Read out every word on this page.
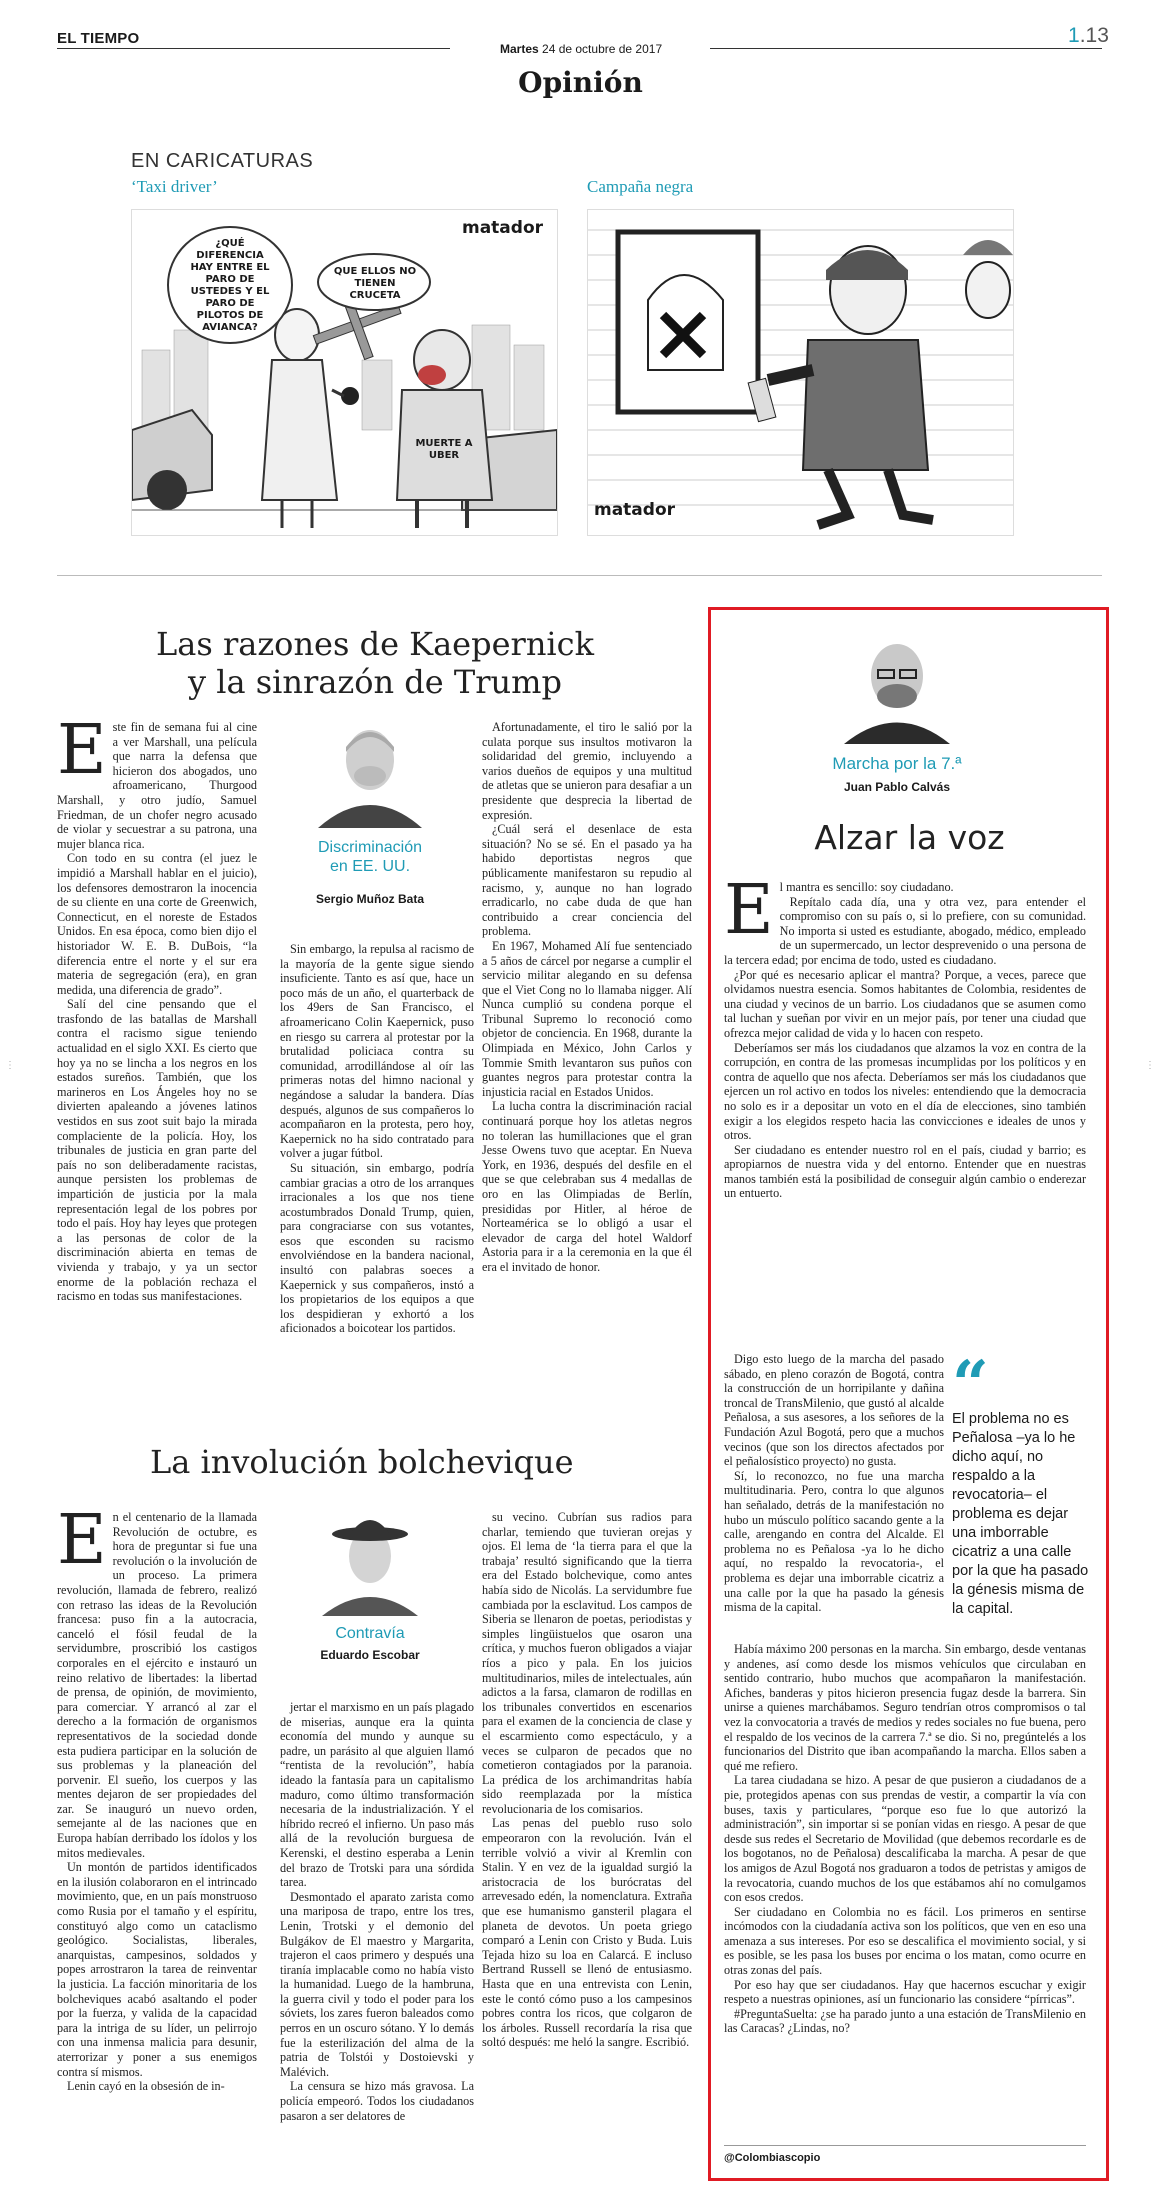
EL TIEMPO
Martes 24 de octubre de 2017
1.13
Opinión
EN CARICATURAS
‘Taxi driver’	Campaña negra
¿QUÉ DIFERENCIA HAY ENTRE EL PARO DE USTEDES Y EL PARO DE PILOTOS DE AVIANCA?
QUE ELLOS NO TIENEN CRUCETA
MUERTE A UBER
matador
matador
⋮	⋮
Las razones de Kaepernick
y la sinrazón de Trump
Este fin de semana fui al cine a ver Marshall, una película que narra la defensa que hicieron dos abogados, uno afroamericano, Thurgood Marshall, y otro judío, Samuel Friedman, de un chofer negro acusado de violar y secuestrar a su patrona, una mujer blanca rica.

Con todo en su contra (el juez le impidió a Marshall hablar en el juicio), los defensores demostraron la inocencia de su cliente en una corte de Greenwich, Connecticut, en el noreste de Estados Unidos. En esa época, como bien dijo el historiador W. E. B. DuBois, “la diferencia entre el norte y el sur era materia de segregación (era), en gran medida, una diferencia de grado”.

Salí del cine pensando que el trasfondo de las batallas de Marshall contra el racismo sigue teniendo actualidad en el siglo XXI. Es cierto que hoy ya no se lincha a los negros en los estados sureños. También, que los marineros en Los Ángeles hoy no se divierten apaleando a jóvenes latinos vestidos en sus zoot suit bajo la mirada complaciente de la policía. Hoy, los tribunales de justicia en gran parte del país no son deliberadamente racistas, aunque persisten los problemas de impartición de justicia por la mala representación legal de los pobres por todo el país. Hoy hay leyes que protegen a las personas de color de la discriminación abierta en temas de vivienda y trabajo, y ya un sector enorme de la población rechaza el racismo en todas sus manifestaciones.

Discriminación
en EE. UU.
Sergio Muñoz Bata

Sin embargo, la repulsa al racismo de la mayoría de la gente sigue siendo insuficiente. Tanto es así que, hace un poco más de un año, el quarterback de los 49ers de San Francisco, el afroamericano Colin Kaepernick, puso en riesgo su carrera al protestar por la brutalidad policiaca contra su comunidad, arrodillándose al oír las primeras notas del himno nacional y negándose a saludar la bandera. Días después, algunos de sus compañeros lo acompañaron en la protesta, pero hoy, Kaepernick no ha sido contratado para volver a jugar fútbol.

Su situación, sin embargo, podría cambiar gracias a otro de los arranques irracionales a los que nos tiene acostumbrados Donald Trump, quien, para congraciarse con sus votantes, esos que esconden su racismo envolviéndose en la bandera nacional, insultó con palabras soeces a Kaepernick y sus compañeros, instó a los propietarios de los equipos a que los despidieran y exhortó a los aficionados a boicotear los partidos.

Afortunadamente, el tiro le salió por la culata porque sus insultos motivaron la solidaridad del gremio, incluyendo a varios dueños de equipos y una multitud de atletas que se unieron para desafiar a un presidente que desprecia la libertad de expresión.

¿Cuál será el desenlace de esta situación? No se sé. En el pasado ya ha habido deportistas negros que públicamente manifestaron su repudio al racismo, y, aunque no han logrado erradicarlo, no cabe duda de que han contribuido a crear conciencia del problema.

En 1967, Mohamed Alí fue sentenciado a 5 años de cárcel por negarse a cumplir el servicio militar alegando en su defensa que el Viet Cong no lo llamaba nigger. Alí Nunca cumplió su condena porque el Tribunal Supremo lo reconoció como objetor de conciencia. En 1968, durante la Olimpiada en México, John Carlos y Tommie Smith levantaron sus puños con guantes negros para protestar contra la injusticia racial en Estados Unidos.

La lucha contra la discriminación racial continuará porque hoy los atletas negros no toleran las humillaciones que el gran Jesse Owens tuvo que aceptar. En Nueva York, en 1936, después del desfile en el que se que celebraban sus 4 medallas de oro en las Olimpiadas de Berlín, presididas por Hitler, al héroe de Norteamérica se lo obligó a usar el elevador de carga del hotel Waldorf Astoria para ir a la ceremonia en la que él era el invitado de honor.

La involución bolchevique
En el centenario de la llamada Revolución de octubre, es hora de preguntar si fue una revolución o la involución de un proceso. La primera revolución, llamada de febrero, realizó con retraso las ideas de la Revolución francesa: puso fin a la autocracia, canceló el fósil feudal de la servidumbre, proscribió los castigos corporales en el ejército e instauró un reino relativo de libertades: la libertad de prensa, de opinión, de movimiento, para comerciar. Y arrancó al zar el derecho a la formación de organismos representativos de la sociedad donde esta pudiera participar en la solución de sus problemas y la planeación del porvenir. El sueño, los cuerpos y las mentes dejaron de ser propiedades del zar. Se inauguró un nuevo orden, semejante al de las naciones que en Europa habían derribado los ídolos y los mitos medievales.

Un montón de partidos identificados en la ilusión colaboraron en el intrincado movimiento, que, en un país monstruoso como Rusia por el tamaño y el espíritu, constituyó algo como un cataclismo geológico. Socialistas, liberales, anarquistas, campesinos, soldados y popes arrostraron la tarea de reinventar la justicia. La facción minoritaria de los bolcheviques acabó asaltando el poder por la fuerza, y valida de la capacidad para la intriga de su líder, un pelirrojo con una inmensa malicia para desunir, aterrorizar y poner a sus enemigos contra sí mismos.

Lenin cayó en la obsesión de in-

Contravía
Eduardo Escobar

jertar el marxismo en un país plagado de miserias, aunque era la quinta economía del mundo y aunque su padre, un parásito al que alguien llamó “rentista de la revolución”, había ideado la fantasía para un capitalismo maduro, como último transformación necesaria de la industrialización. Y el híbrido recreó el infierno. Un paso más allá de la revolución burguesa de Kerenski, el destino esperaba a Lenin del brazo de Trotski para una sórdida tarea.

Desmontado el aparato zarista como una mariposa de trapo, entre los tres, Lenin, Trotski y el demonio del Bulgákov de El maestro y Margarita, trajeron el caos primero y después una tiranía implacable como no había visto la humanidad. Luego de la hambruna, la guerra civil y todo el poder para los sóviets, los zares fueron baleados como perros en un oscuro sótano. Y lo demás fue la esterilización del alma de la patria de Tolstói y Dostoievski y Malévich.

La censura se hizo más gravosa. La policía empeoró. Todos los ciudadanos pasaron a ser delatores de

su vecino. Cubrían sus radios para charlar, temiendo que tuvieran orejas y ojos. El lema de ‘la tierra para el que la trabaja’ resultó significando que la tierra era del Estado bolchevique, como antes había sido de Nicolás. La servidumbre fue cambiada por la esclavitud. Los campos de Siberia se llenaron de poetas, periodistas y simples lingüistuelos que osaron una crítica, y muchos fueron obligados a viajar ríos a pico y pala. En los juicios multitudinarios, miles de intelectuales, aún adictos a la farsa, clamaron de rodillas en los tribunales convertidos en escenarios para el examen de la conciencia de clase y el escarmiento como espectáculo, y a veces se culparon de pecados que no cometieron contagiados por la paranoia. La prédica de los archimandritas había sido reemplazada por la mística revolucionaria de los comisarios.

Las penas del pueblo ruso solo empeoraron con la revolución. Iván el terrible volvió a vivir al Kremlin con Stalin. Y en vez de la igualdad surgió la aristocracia de los burócratas del arrevesado edén, la nomenclatura. Extraña que ese humanismo gansteril plagara el planeta de devotos. Un poeta griego comparó a Lenin con Cristo y Buda. Luis Tejada hizo su loa en Calarcá. E incluso Bertrand Russell se llenó de entusiasmo. Hasta que en una entrevista con Lenin, este le contó cómo puso a los campesinos pobres contra los ricos, que colgaron de los árboles. Russell recordaría la risa que soltó después: me heló la sangre. Escribió.

Marcha por la 7.ª
Juan Pablo Calvás
Alzar la voz
El mantra es sencillo: soy ciudadano.

Repítalo cada día, una y otra vez, para entender el compromiso con su país o, si lo prefiere, con su comunidad. No importa si usted es estudiante, abogado, médico, empleado de un supermercado, un lector desprevenido o una persona de la tercera edad; por encima de todo, usted es ciudadano.

¿Por qué es necesario aplicar el mantra? Porque, a veces, parece que olvidamos nuestra esencia. Somos habitantes de Colombia, residentes de una ciudad y vecinos de un barrio. Los ciudadanos que se asumen como tal luchan y sueñan por vivir en un mejor país, por tener una ciudad que ofrezca mejor calidad de vida y lo hacen con respeto.

Deberíamos ser más los ciudadanos que alzamos la voz en contra de la corrupción, en contra de las promesas incumplidas por los políticos y en contra de aquello que nos afecta. Deberíamos ser más los ciudadanos que ejercen un rol activo en todos los niveles: entendiendo que la democracia no solo es ir a depositar un voto en el día de elecciones, sino también exigir a los elegidos respeto hacia las convicciones e ideales de unos y otros.

Ser ciudadano es entender nuestro rol en el país, ciudad y barrio; es apropiarnos de nuestra vida y del entorno. Entender que en nuestras manos también está la posibilidad de conseguir algún cambio o enderezar un entuerto.

Digo esto luego de la marcha del pasado sábado, en pleno corazón de Bogotá, contra la construcción de un horripilante y dañina troncal de TransMilenio, que gustó al alcalde Peñalosa, a sus asesores, a los señores de la Fundación Azul Bogotá, pero que a muchos vecinos (que son los directos afectados por el peñalosístico proyecto) no gusta.

Sí, lo reconozco, no fue una marcha multitudinaria. Pero, contra lo que algunos han señalado, detrás de la manifestación no hubo un músculo político sacando gente a la calle, arengando en contra del Alcalde. El problema no es Peñalosa -ya lo he dicho aquí, no respaldo la revocatoria-, el problema es dejar una imborrable cicatriz a una calle por la que ha pasado la génesis misma de la capital.

“
El problema no es Peñalosa –ya lo he dicho aquí, no respaldo a la revocatoria– el problema es dejar una imborrable cicatriz a una calle por la que ha pasado la génesis misma de la capital.

Había máximo 200 personas en la marcha. Sin embargo, desde ventanas y andenes, así como desde los mismos vehículos que circulaban en sentido contrario, hubo muchos que acompañaron la manifestación. Afiches, banderas y pitos hicieron presencia fugaz desde la barrera. Sin unirse a quienes marchábamos. Seguro tendrían otros compromisos o tal vez la convocatoria a través de medios y redes sociales no fue buena, pero el respaldo de los vecinos de la carrera 7.ª se dio. Si no, pregúntelés a los funcionarios del Distrito que iban acompañando la marcha. Ellos saben a qué me refiero.

La tarea ciudadana se hizo. A pesar de que pusieron a ciudadanos de a pie, protegidos apenas con sus prendas de vestir, a compartir la vía con buses, taxis y particulares, “porque eso fue lo que autorizó la administración”, sin importar si se ponían vidas en riesgo. A pesar de que desde sus redes el Secretario de Movilidad (que debemos recordarle es de los bogotanos, no de Peñalosa) descalificaba la marcha. A pesar de que los amigos de Azul Bogotá nos graduaron a todos de petristas y amigos de la revocatoria, cuando muchos de los que estábamos ahí no comulgamos con esos credos.

Ser ciudadano en Colombia no es fácil. Los primeros en sentirse incómodos con la ciudadanía activa son los políticos, que ven en eso una amenaza a sus intereses. Por eso se descalifica el movimiento social, y si es posible, se les pasa los buses por encima o los matan, como ocurre en otras zonas del país.

Por eso hay que ser ciudadanos. Hay que hacernos escuchar y exigir respeto a nuestras opiniones, así un funcionario las considere “pírricas”.

#PreguntaSuelta: ¿se ha parado junto a una estación de TransMilenio en las Caracas? ¿Lindas, no?

@Colombiascopio
